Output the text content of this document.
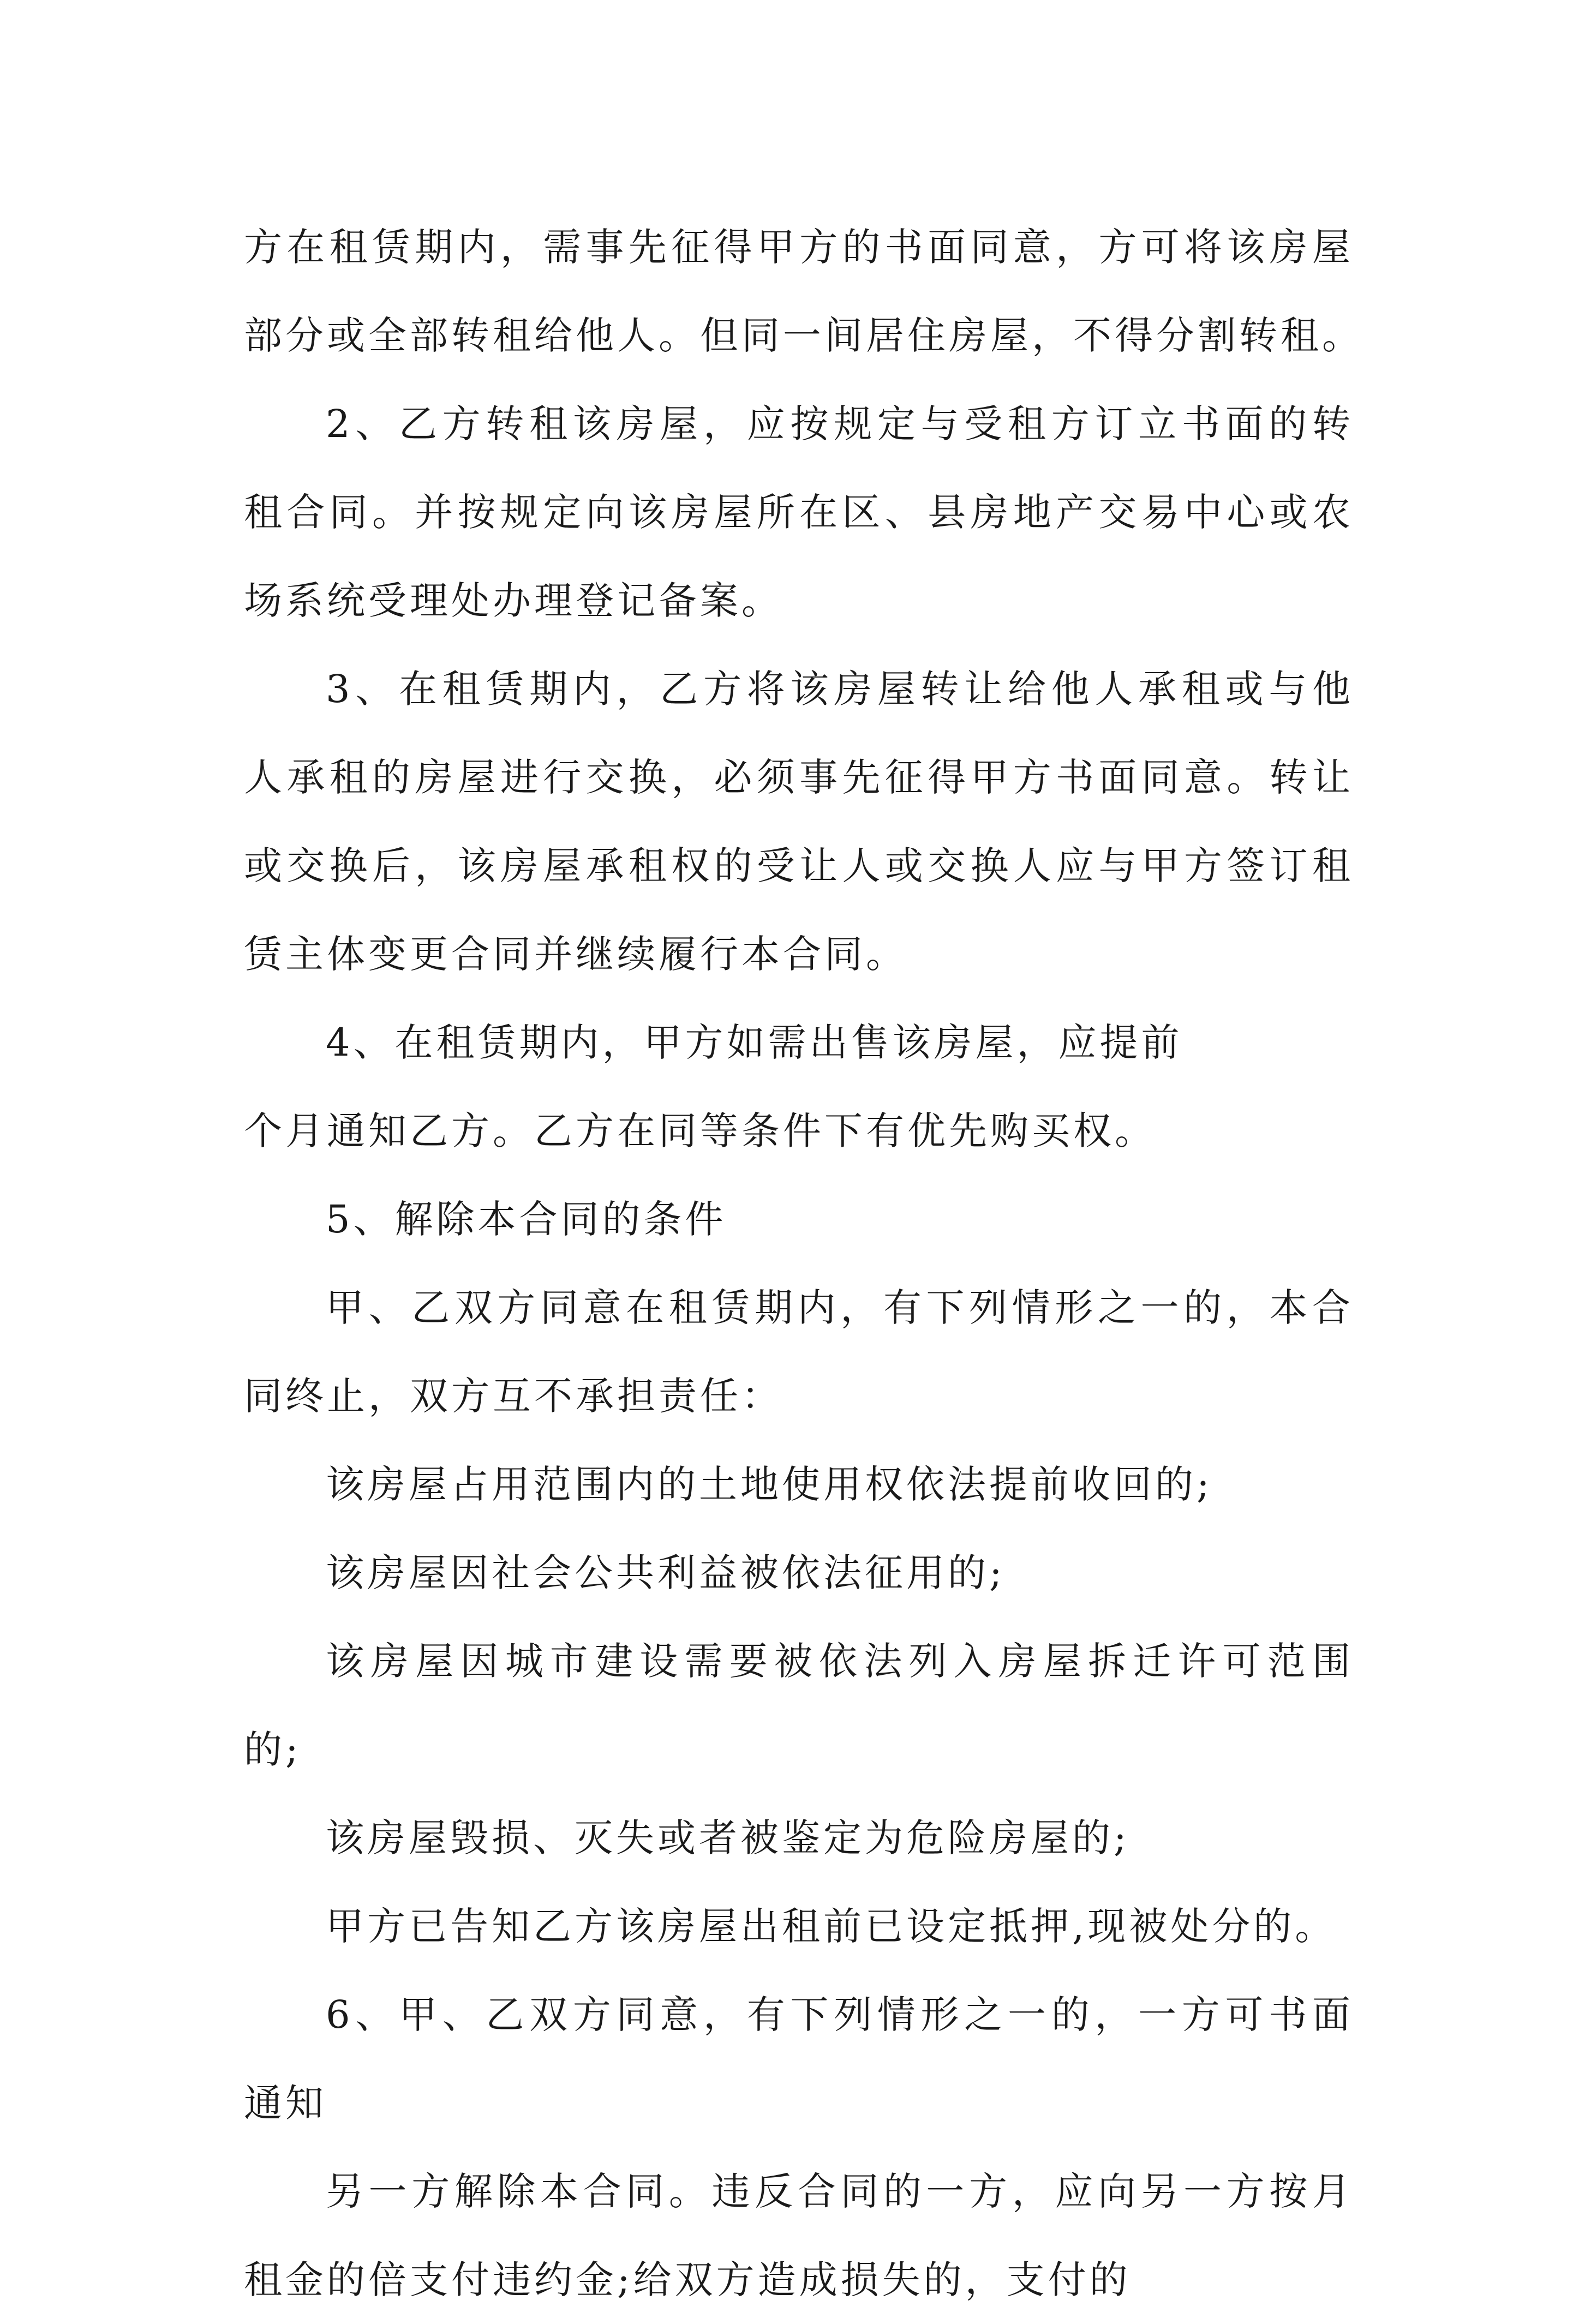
方在租赁期内，需事先征得甲方的书面同意，方可将该房屋
部分或全部转租给他人。但同一间居住房屋，不得分割转租。
2、乙方转租该房屋，应按规定与受租方订立书面的转
租合同。并按规定向该房屋所在区、县房地产交易中心或农
场系统受理处办理登记备案。
3、在租赁期内，乙方将该房屋转让给他人承租或与他
人承租的房屋进行交换，必须事先征得甲方书面同意。转让
或交换后，该房屋承租权的受让人或交换人应与甲方签订租
赁主体变更合同并继续履行本合同。
4、在租赁期内，甲方如需出售该房屋，应提前
个月通知乙方。乙方在同等条件下有优先购买权。
5、解除本合同的条件
甲、乙双方同意在租赁期内，有下列情形之一的，本合
同终止，双方互不承担责任：
该房屋占用范围内的土地使用权依法提前收回的;
该房屋因社会公共利益被依法征用的;
该房屋因城市建设需要被依法列入房屋拆迁许可范围
的;
该房屋毁损、灭失或者被鉴定为危险房屋的;
甲方已告知乙方该房屋出租前已设定抵押,现被处分的。
6、甲、乙双方同意，有下列情形之一的，一方可书面
通知
另一方解除本合同。违反合同的一方，应向另一方按月
租金的倍支付违约金;给双方造成损失的，支付的
